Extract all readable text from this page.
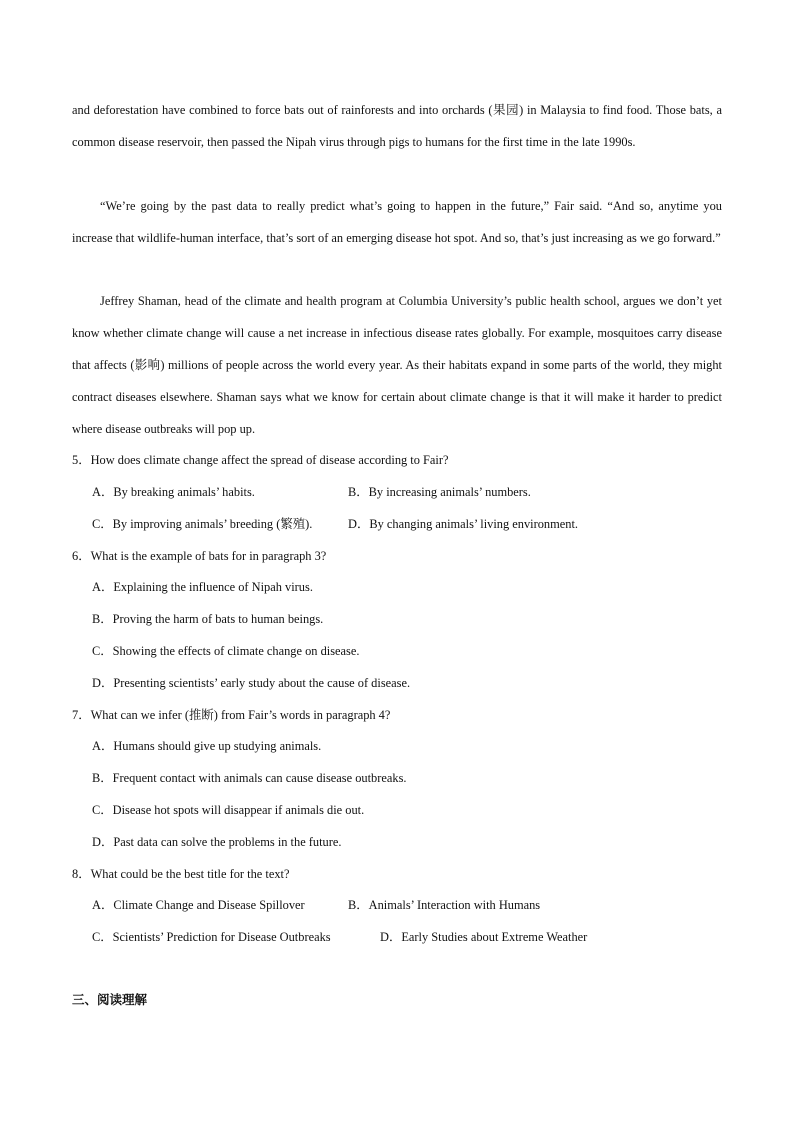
and deforestation have combined to force bats out of rainforests and into orchards (果园) in Malaysia to find food. Those bats, a common disease reservoir, then passed the Nipah virus through pigs to humans for the first time in the late 1990s.

“We’re going by the past data to really predict what’s going to happen in the future,” Fair said. “And so, anytime you increase that wildlife-human interface, that’s sort of an emerging disease hot spot. And so, that’s just increasing as we go forward.”

Jeffrey Shaman, head of the climate and health program at Columbia University’s public health school, argues we don’t yet know whether climate change will cause a net increase in infectious disease rates globally. For example, mosquitoes carry disease that affects (影响) millions of people across the world every year. As their habitats expand in some parts of the world, they might contract diseases elsewhere. Shaman says what we know for certain about climate change is that it will make it harder to predict where disease outbreaks will pop up.

5．How does climate change affect the spread of disease according to Fair?
A．By breaking animals’ habits.	B．By increasing animals’ numbers.
C．By improving animals’ breeding (繁殖).	D．By changing animals’ living environment.
6．What is the example of bats for in paragraph 3?
A．Explaining the influence of Nipah virus.
B．Proving the harm of bats to human beings.
C．Showing the effects of climate change on disease.
D．Presenting scientists’ early study about the cause of disease.
7．What can we infer (推断) from Fair’s words in paragraph 4?
A．Humans should give up studying animals.
B．Frequent contact with animals can cause disease outbreaks.
C．Disease hot spots will disappear if animals die out.
D．Past data can solve the problems in the future.
8．What could be the best title for the text?
A．Climate Change and Disease Spillover	B．Animals’ Interaction with Humans
C．Scientists’ Prediction for Disease Outbreaks	D．Early Studies about Extreme Weather
三、阅读理解
